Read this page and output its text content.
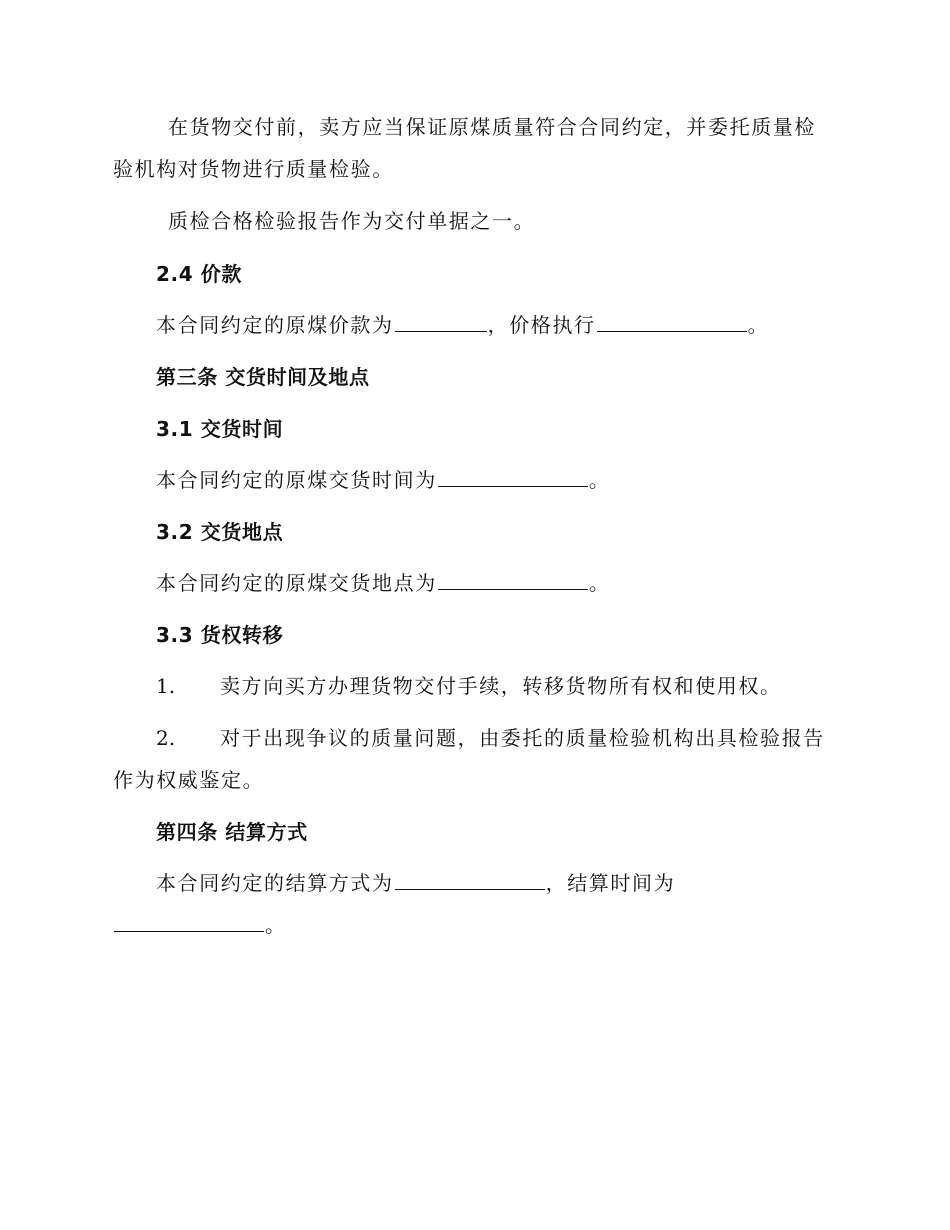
在货物交付前，卖方应当保证原煤质量符合合同约定，并委托质量检
验机构对货物进行质量检验。
质检合格检验报告作为交付单据之一。
2.4 价款
本合同约定的原煤价款为	，价格执行	。
第三条 交货时间及地点
3.1 交货时间
本合同约定的原煤交货时间为	。
3.2 交货地点
本合同约定的原煤交货地点为	。
3.3 货权转移
1. 卖方向买方办理货物交付手续，转移货物所有权和使用权。
2. 对于出现争议的质量问题，由委托的质量检验机构出具检验报告
作为权威鉴定。
第四条 结算方式
本合同约定的结算方式为	，结算时间为
。
